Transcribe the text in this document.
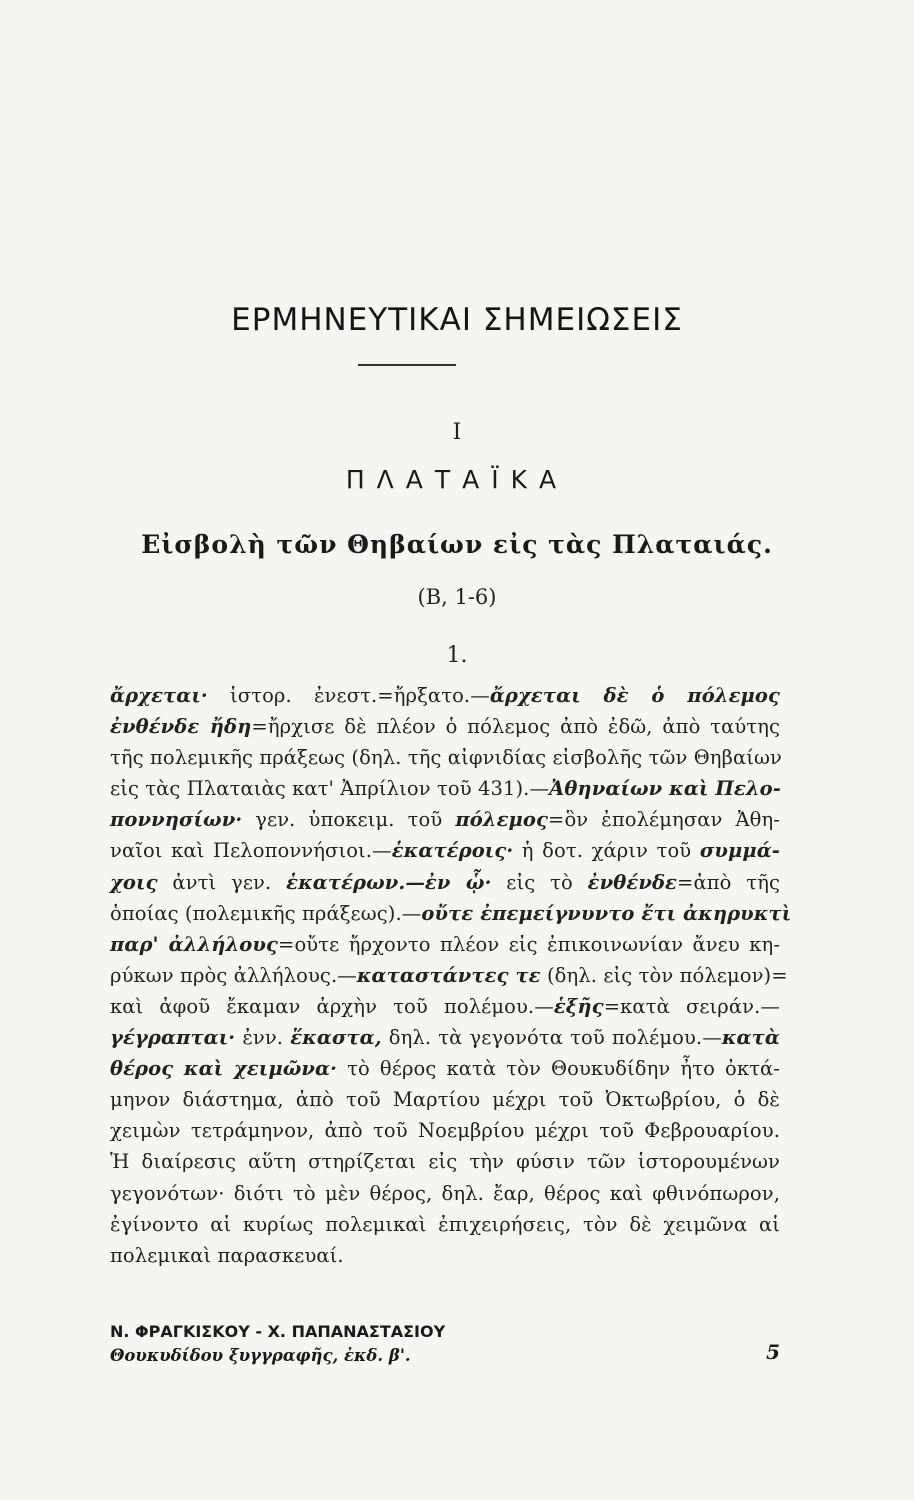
ΕΡΜΗΝΕΥΤΙΚΑΙ ΣΗΜΕΙΩΣΕΙΣ
I
ΠΛΑΤΑΪΚΑ
Εἰσβολὴ τῶν Θηβαίων εἰς τὰς Πλαταιάς.
(Β, 1-6)
1.
ἄρχεται· ἱστορ. ἐνεστ.=ἤρξατο.—ἄρχεται δὲ ὁ πόλεμος
ἐνθένδε ἤδη=ἤρχισε δὲ πλέον ὁ πόλεμος ἀπὸ ἐδῶ, ἀπὸ ταύτης
τῆς πολεμικῆς πράξεως (δηλ. τῆς αἰφνιδίας εἰσβολῆς τῶν Θηβαίων
εἰς τὰς Πλαταιὰς κατ' Ἀπρίλιον τοῦ 431).—Ἀθηναίων καὶ Πελο-
ποννησίων· γεν. ὑποκειμ. τοῦ πόλεμος=ὃν ἐπολέμησαν Ἀθη-
ναῖοι καὶ Πελοποννήσιοι.—ἑκατέροις· ἡ δοτ. χάριν τοῦ συμμά-
χοις ἀντὶ γεν. ἑκατέρων.—ἐν ᾧ· εἰς τὸ ἐνθένδε=ἀπὸ τῆς
ὁποίας (πολεμικῆς πράξεως).—οὔτε ἐπεμείγνυντο ἔτι ἀκηρυκτὶ
παρ' ἀλλήλους=οὔτε ἤρχοντο πλέον εἰς ἐπικοινωνίαν ἄνευ κη-
ρύκων πρὸς ἀλλήλους.—καταστάντες τε (δηλ. εἰς τὸν πόλεμον)=
καὶ ἀφοῦ ἔκαμαν ἀρχὴν τοῦ πολέμου.—ἑξῆς=κατὰ σειράν.—
γέγραπται· ἐνν. ἕκαστα, δηλ. τὰ γεγονότα τοῦ πολέμου.—κατὰ
θέρος καὶ χειμῶνα· τὸ θέρος κατὰ τὸν Θουκυδίδην ἦτο ὀκτά-
μηνον διάστημα, ἀπὸ τοῦ Μαρτίου μέχρι τοῦ Ὀκτωβρίου, ὁ δὲ
χειμὼν τετράμηνον, ἀπὸ τοῦ Νοεμβρίου μέχρι τοῦ Φεβρουαρίου.
Ἡ διαίρεσις αὕτη στηρίζεται εἰς τὴν φύσιν τῶν ἱστορουμένων
γεγονότων· διότι τὸ μὲν θέρος, δηλ. ἔαρ, θέρος καὶ φθινόπωρον,
ἐγίνοντο αἱ κυρίως πολεμικαὶ ἐπιχειρήσεις, τὸν δὲ χειμῶνα αἱ
πολεμικαὶ παρασκευαί.
Ν. ΦΡΑΓΚΙΣΚΟΥ - Χ. ΠΑΠΑΝΑΣΤΑΣΙΟΥ
Θουκυδίδου ξυγγραφῆς, ἐκδ. β'.	5
